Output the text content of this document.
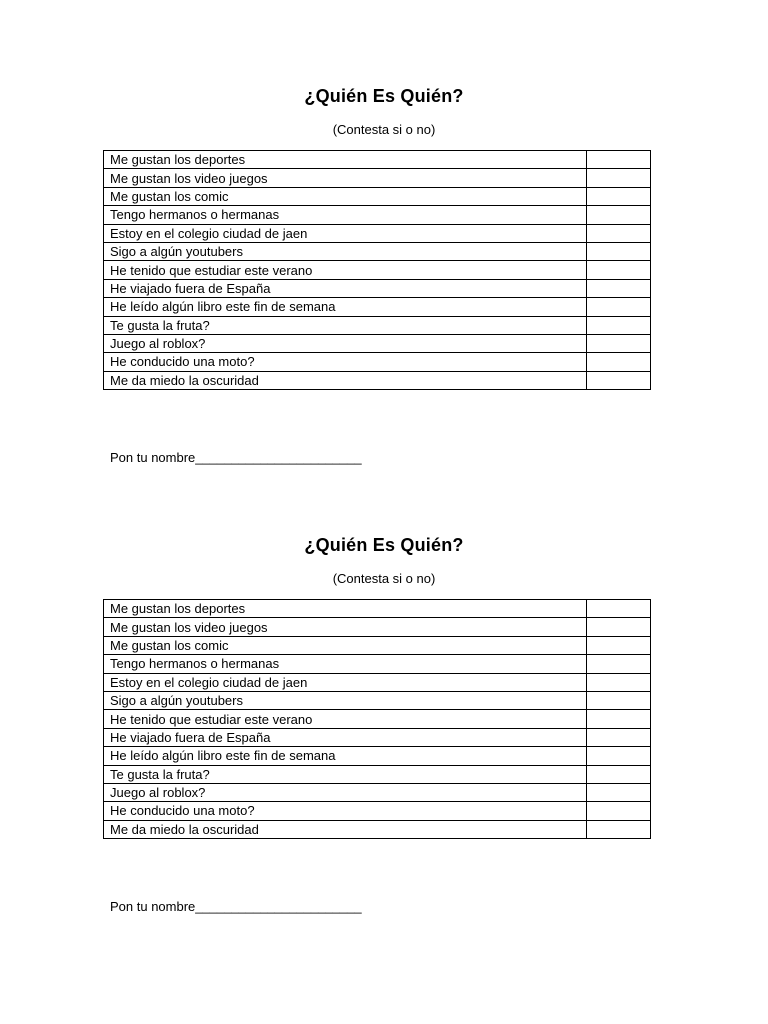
¿Quién Es Quién?
(Contesta si o no)
Me gustan los deportes	
Me gustan los video juegos	
Me gustan los comic	
Tengo hermanos o hermanas	
Estoy en el colegio ciudad de jaen	
Sigo a algún youtubers	
He tenido que estudiar este verano	
He viajado fuera de España	
He leído algún libro este fin de semana	
Te gusta la fruta?	
Juego al roblox?	
He conducido una moto?	
Me da miedo la oscuridad	
Pon tu nombre_______________________
¿Quién Es Quién?
(Contesta si o no)
Me gustan los deportes	
Me gustan los video juegos	
Me gustan los comic	
Tengo hermanos o hermanas	
Estoy en el colegio ciudad de jaen	
Sigo a algún youtubers	
He tenido que estudiar este verano	
He viajado fuera de España	
He leído algún libro este fin de semana	
Te gusta la fruta?	
Juego al roblox?	
He conducido una moto?	
Me da miedo la oscuridad	
Pon tu nombre_______________________
